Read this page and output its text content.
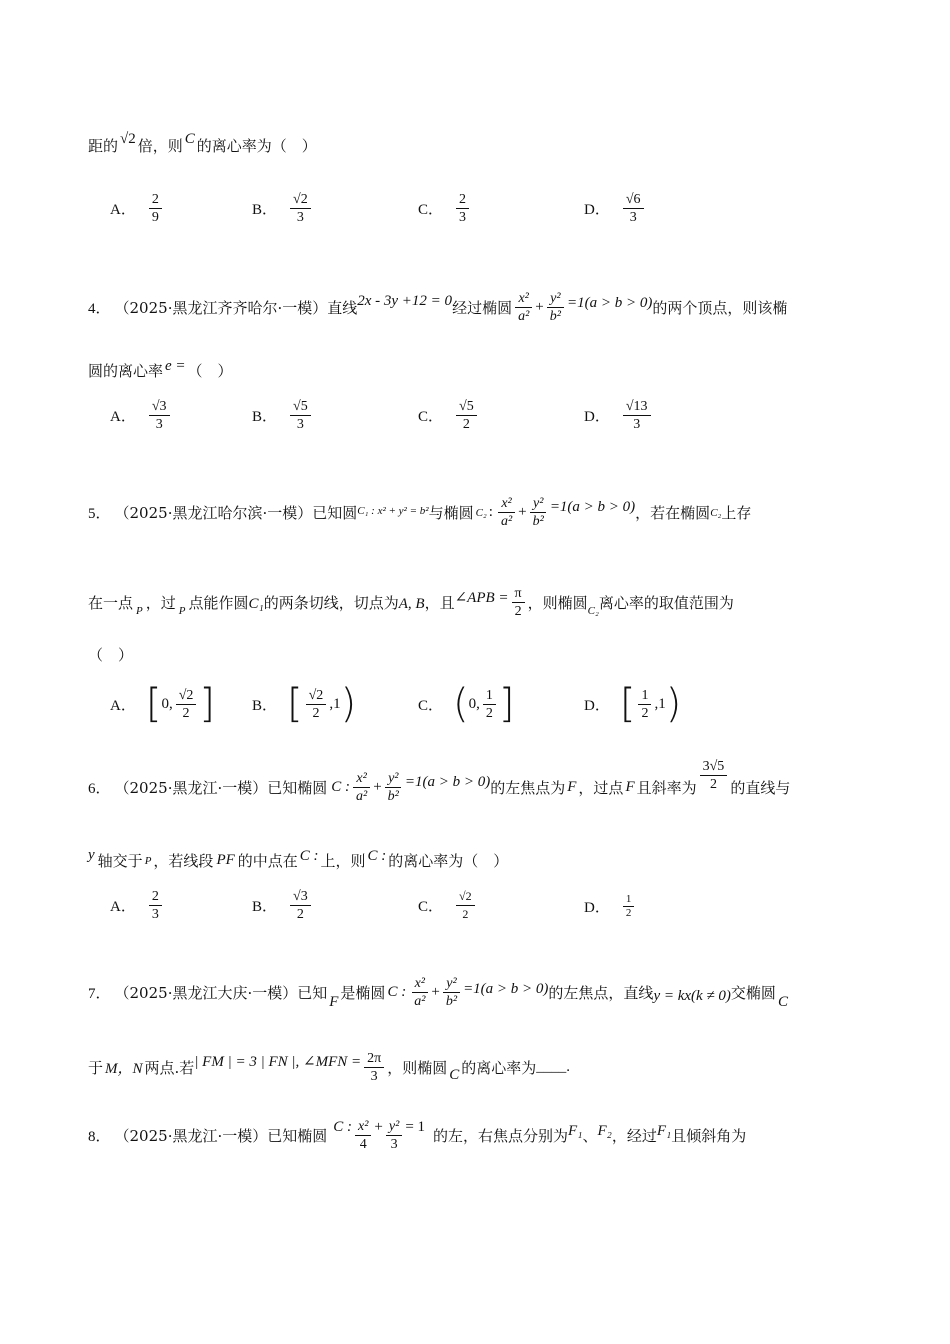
距的 √2 倍，则 C 的离心率为（　）
A． $\frac{2}{9}$	B． $\frac{√2}{3}$	C． $\frac{2}{3}$	D． $\frac{√6}{3}$
4． （2025·黑龙江齐齐哈尔·一模） 直线 2x - 3y +12 = 0 经过椭圆 $\frac{\text{x²}}{\text{a²}} + \frac{\text{y²}}{\text{b²}} =1(a > b > 0)$ 的两个顶点，则该椭
圆的离心率 e = （　）
A． $\frac{√3}{3}$	B． $\frac{√5}{3}$	C． $\frac{√5}{2}$	D． $\frac{√13}{3}$
5． （2025·黑龙江哈尔滨·一模） 已知圆 C₁ : x² + y² = b² 与椭圆 C₂ : $\frac{\text{x²}}{\text{a²}} + \frac{\text{y²}}{\text{b²}} =1(a > b > 0)$ ，若在椭圆 C₂ 上存
在一点 P ，过 P 点能作圆 C₁ 的两条切线，切点为 A, B ，且 ∠APB = $\frac{\pi}{2}$ ，则椭圆 C₂ 离心率的取值范围为
（　）
A． [ 0, $\frac{√2}{2}$ ] B． [ $\frac{√2}{2} ,1$ )	C． ( 0, $\frac{1}{2}$ ]	D． [ $\frac{1}{2} ,1$ )
6． （2025·黑龙江·一模） 已知椭圆 C : $\frac{\text{x²}}{\text{a²}} + \frac{\text{y²}}{\text{b²}} =1(a > b > 0)$ 的左焦点为 F ，过点 F 且斜率为 $\frac{3√5}{2}$ 的直线与
y 轴交于 P ，若线段 PF 的中点在 C : 上，则 C : 的离心率为（　）
A． $\frac{2}{3}$	B． $\frac{√3}{2}$	C． $\frac{√2}{2}$	D． $\frac{1}{2}$
7． （2025·黑龙江大庆·一模） 已知 F 是椭圆 C : $\frac{\text{x²}}{\text{a²}} + \frac{\text{y²}}{\text{b²}} =1(a > b > 0)$ 的左焦点，直线 y = kx(k ≠ 0) 交椭圆 C
于 M，N 两点.若 | FM | = 3 | FN |, ∠MFN = $\frac{2\pi}{3}$ ，则椭圆 C 的离心率为 ____.
8． （2025·黑龙江·一模） 已知椭圆 C : $\frac{\text{x²}}{4} + \frac{\text{y²}}{3} = 1$ 的左，右焦点分别为 F₁ 、 F₂ ，经过 F₁ 且倾斜角为
